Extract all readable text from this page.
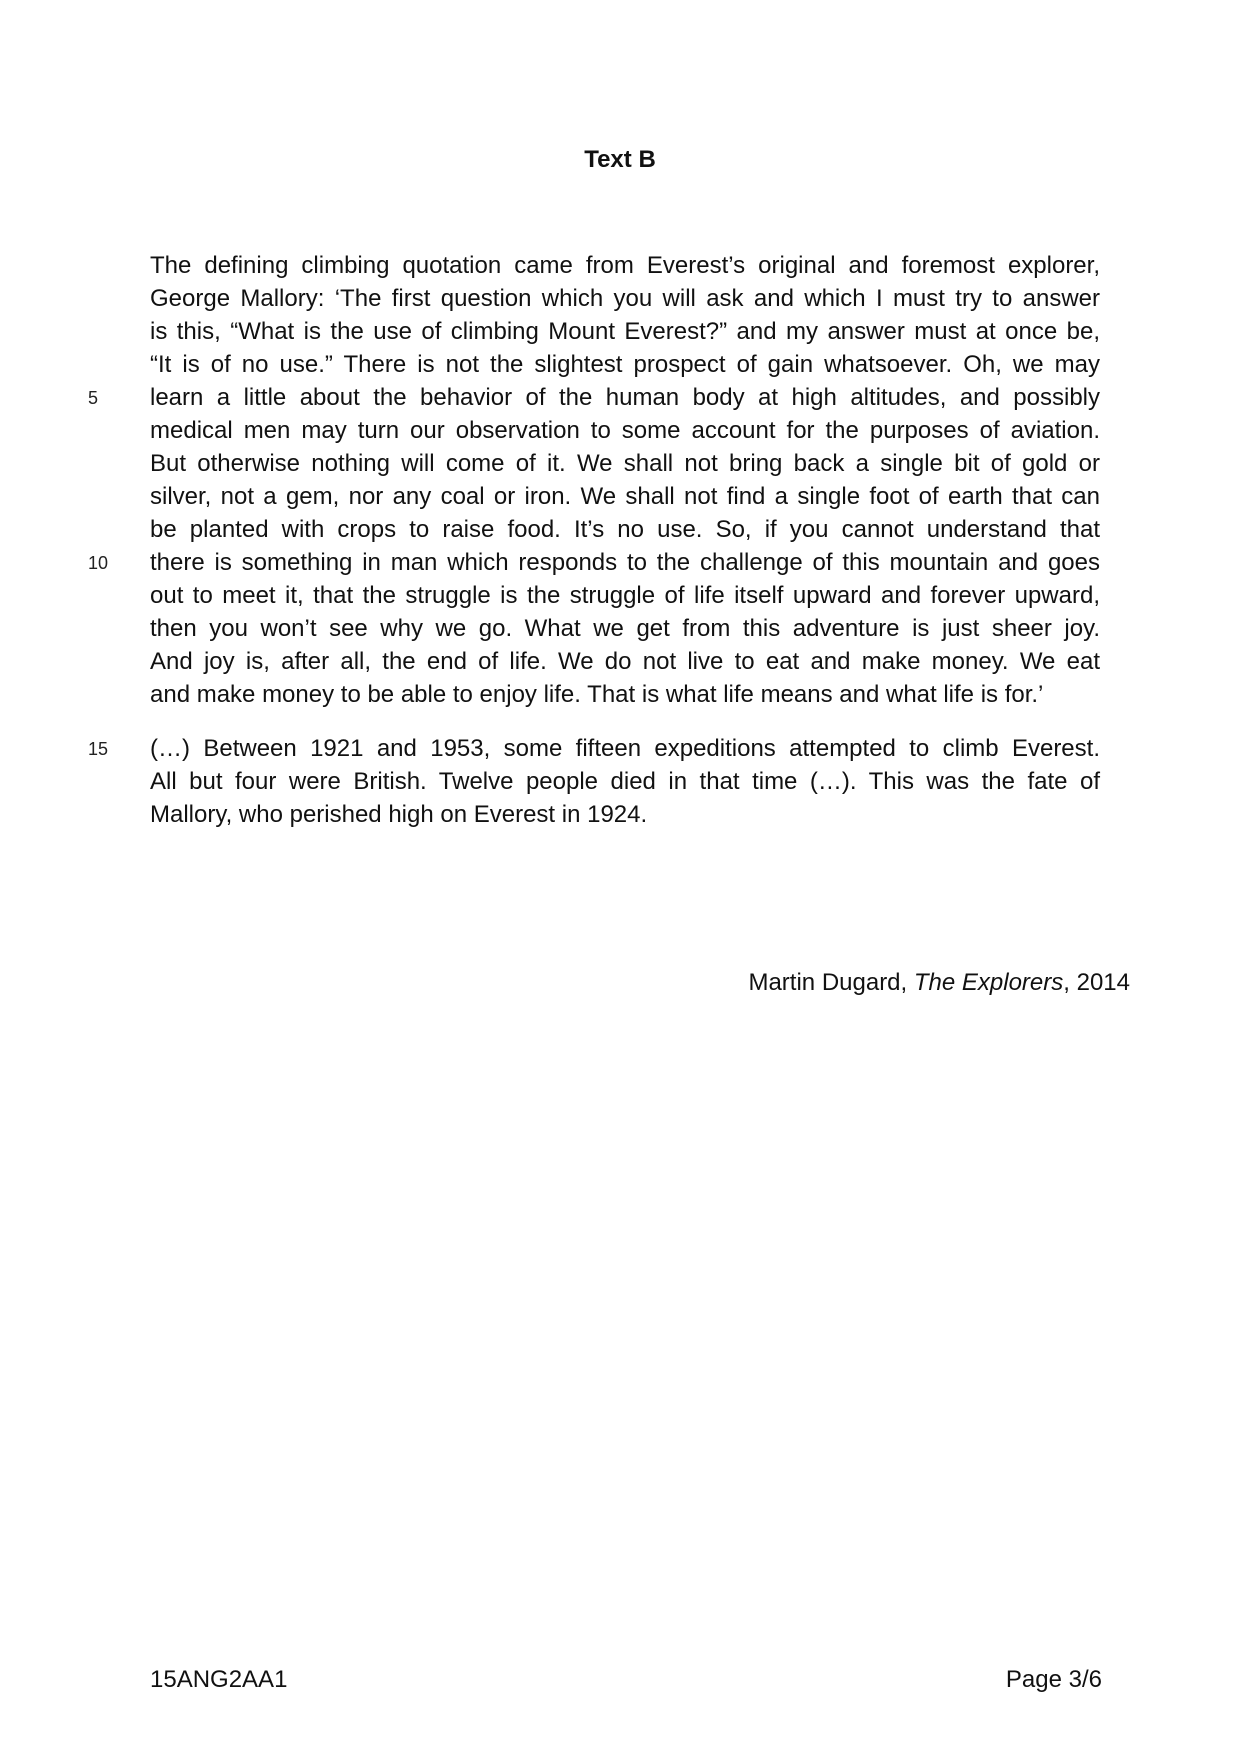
Text B
The defining climbing quotation came from Everest’s original and foremost explorer,
George Mallory: ‘The first question which you will ask and which I must try to answer
is this, “What is the use of climbing Mount Everest?” and my answer must at once be,
“It is of no use.” There is not the slightest prospect of gain whatsoever. Oh, we may
learn a little about the behavior of the human body at high altitudes, and possibly
medical men may turn our observation to some account for the purposes of aviation.
But otherwise nothing will come of it. We shall not bring back a single bit of gold or
silver, not a gem, nor any coal or iron. We shall not find a single foot of earth that can
be planted with crops to raise food. It’s no use. So, if you cannot understand that
there is something in man which responds to the challenge of this mountain and goes
out to meet it, that the struggle is the struggle of life itself upward and forever upward,
then you won’t see why we go. What we get from this adventure is just sheer joy.
And joy is, after all, the end of life. We do not live to eat and make money. We eat
and make money to be able to enjoy life. That is what life means and what life is for.’
(…) Between 1921 and 1953, some fifteen expeditions attempted to climb Everest.
All but four were British. Twelve people died in that time (…). This was the fate of
Mallory, who perished high on Everest in 1924.
5
10
15
Martin Dugard, The Explorers, 2014
15ANG2AA1	Page 3/6
